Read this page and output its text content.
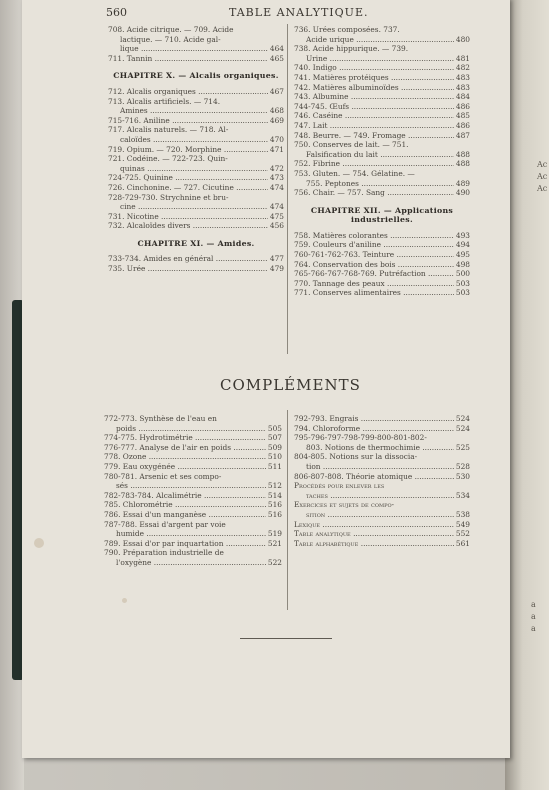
Ac
Ac
Ac
a
a
a
560	TABLE ANALYTIQUE.
708. Acide citrique. — 709. Acide
lactique. — 710. Acide gal-
lique .....	464
711. Tannin .....	465
CHAPITRE X. — Alcalis organiques.
712. Alcalis organiques .....	467
713. Alcalis artificiels. — 714.
Amines .....	468
715-716. Aniline .....	469
717. Alcalis naturels. — 718. Al-
caloïdes .....	470
719. Opium. — 720. Morphine .....	471
721. Codéine. — 722-723. Quin-
quinas .....	472
724-725. Quinine .....	473
726. Cinchonine. — 727. Cicutine .....	474
728-729-730. Strychnine et bru-
cine .....	474
731. Nicotine .....	475
732. Alcaloïdes divers .....	456
CHAPITRE XI. — Amides.
733-734. Amides en général .....	477
735. Urée .....	479
736. Urées composées. 737.
Acide urique .....	480
738. Acide hippurique. — 739.
Urine .....	481
740. Indigo .....	482
741. Matières protéiques .....	483
742. Matières albuminoïdes .....	483
743. Albumine .....	484
744-745. Œufs .....	486
746. Caséine .....	485
747. Lait .....	486
748. Beurre. — 749. Fromage .....	487
750. Conserves de lait. — 751.
Falsification du lait .....	488
752. Fibrine .....	488
753. Gluten. — 754. Gélatine. —
755. Peptones .....	489
756. Chair. — 757. Sang .....	490
CHAPITRE XII. — Applications industrielles.
758. Matières colorantes .....	493
759. Couleurs d'aniline .....	494
760-761-762-763. Teinture .....	495
764. Conservation des bois .....	498
765-766-767-768-769. Putréfaction .....	500
770. Tannage des peaux .....	503
771. Conserves alimentaires .....	503
COMPLÉMENTS
772-773. Synthèse de l'eau en
poids .....	505
774-775. Hydrotimétrie .....	507
776-777. Analyse de l'air en poids .....	509
778. Ozone .....	510
779. Eau oxygénée .....	511
780-781. Arsenic et ses compo-
sés .....	512
782-783-784. Alcalimétrie .....	514
785. Chlorométrie .....	516
786. Essai d'un manganèse .....	516
787-788. Essai d'argent par voie
humide .....	519
789. Essai d'or par inquartation .....	521
790. Préparation industrielle de
l'oxygène .....	522
792-793. Engrais .....	524
794. Chloroforme .....	524
795-796-797-798-799-800-801-802-
803. Notions de thermochimie .....	525
804-805. Notions sur la dissocia-
tion .....	528
806-807-808. Théorie atomique .....	530
Procédés pour enlever les
taches .....	534
Exercices et sujets de compo-
sition .....	538
Lexique .....	549
Table analytique .....	552
Table alphabétique .....	561
